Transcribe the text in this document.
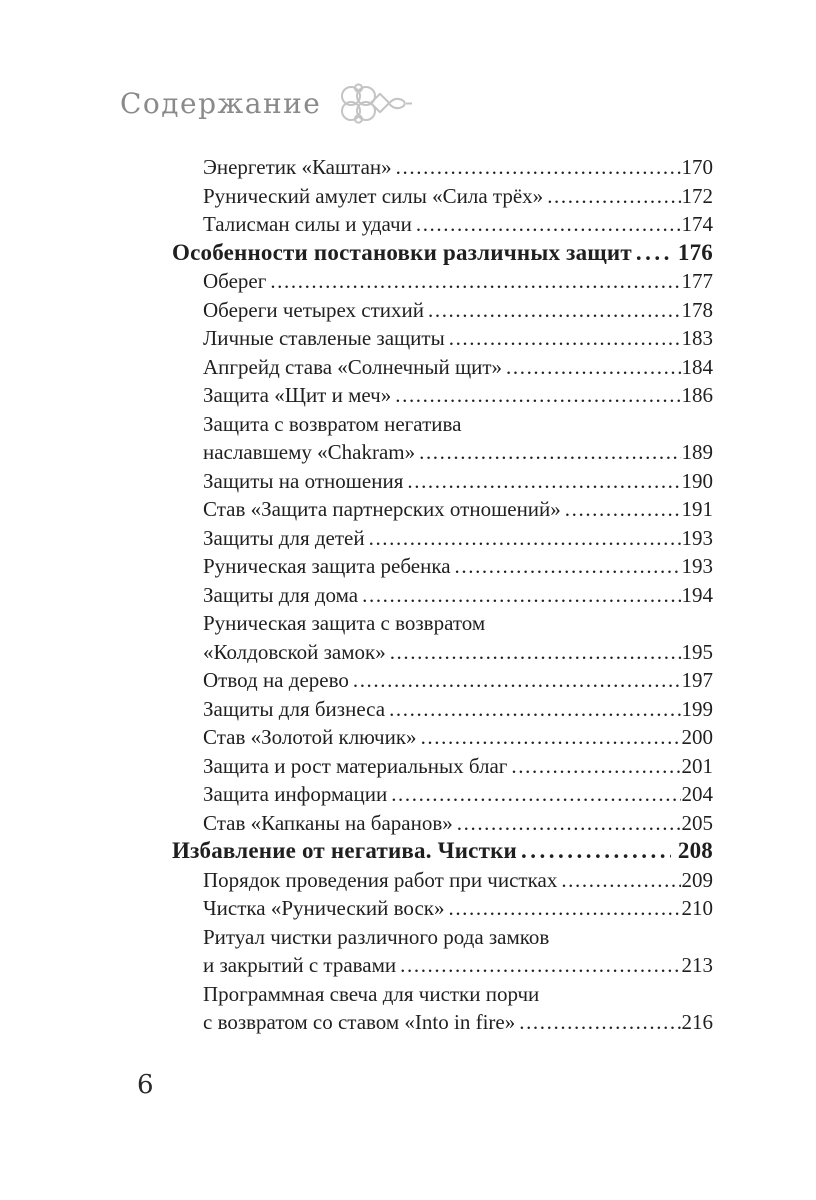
Содержание
Энергетик «Каштан» .....	170
Рунический амулет силы «Сила трёх» .....	172
Талисман силы и удачи .....	174
Особенности постановки различных защит ..... 176
Оберег .....	177
Обереги четырех стихий .....	178
Личные ставленые защиты .....	183
Апгрейд става «Солнечный щит» .....	184
Защита «Щит и меч» .....	186
Защита с возвратом негатива
наславшему «Chakram» .....	189
Защиты на отношения .....	190
Став «Защита партнерских отношений» .....	191
Защиты для детей .....	193
Руническая защита ребенка .....	193
Защиты для дома .....	194
Руническая защита с возвратом
«Колдовской замок» .....	195
Отвод на дерево .....	197
Защиты для бизнеса .....	199
Став «Золотой ключик» .....	200
Защита и рост материальных благ .....	201
Защита информации .....	204
Став «Капканы на баранов» .....	205
Избавление от негатива. Чистки .....	208
Порядок проведения работ при чистках .....	209
Чистка «Рунический воск» .....	210
Ритуал чистки различного рода замков
и закрытий с травами .....	213
Программная свеча для чистки порчи
с возвратом со ставом «Into in fire» .....	216
6
